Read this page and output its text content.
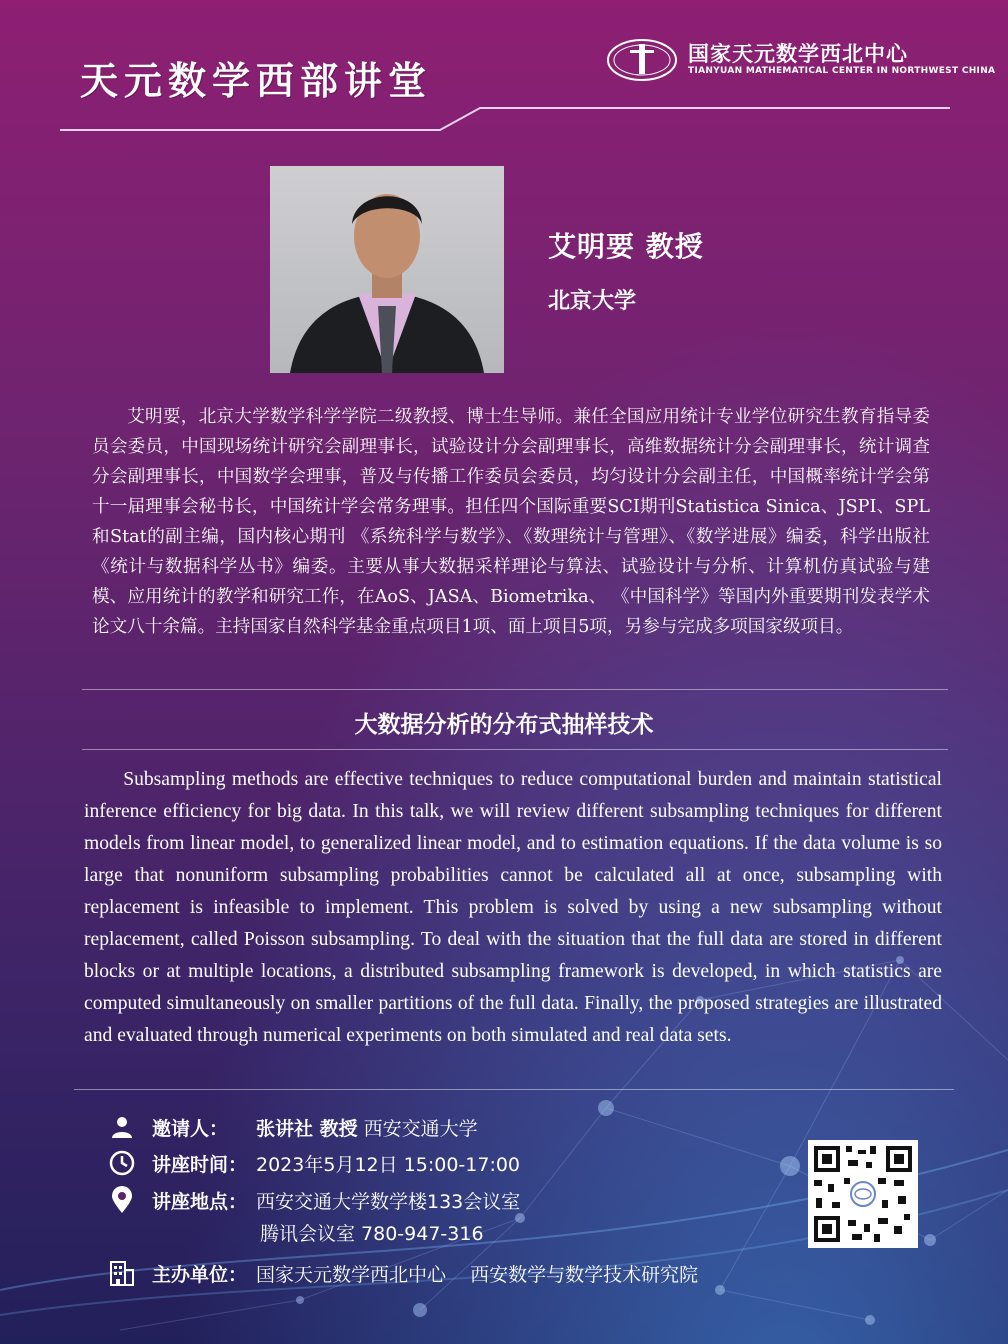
天元数学西部讲堂
国家天元数学西北中心
TIANYUAN MATHEMATICAL CENTER IN NORTHWEST CHINA
艾明要 教授
北京大学

艾明要，北京大学数学科学学院二级教授、博士生导师。兼任全国应用统计专业学位研究生教育指导委员会委员，中国现场统计研究会副理事长，试验设计分会副理事长，高维数据统计分会副理事长，统计调查分会副理事长，中国数学会理事，普及与传播工作委员会委员，均匀设计分会副主任，中国概率统计学会第十一届理事会秘书长，中国统计学会常务理事。担任四个国际重要SCI期刊Statistica Sinica、JSPI、SPL和Stat的副主编，国内核心期刊 《系统科学与数学》、《数理统计与管理》、《数学进展》编委，科学出版社《统计与数据科学丛书》编委。主要从事大数据采样理论与算法、试验设计与分析、计算机仿真试验与建模、应用统计的教学和研究工作，在AoS、JASA、Biometrika、 《中国科学》等国内外重要期刊发表学术论文八十余篇。主持国家自然科学基金重点项目1项、面上项目5项，另参与完成多项国家级项目。

大数据分析的分布式抽样技术

Subsampling methods are effective techniques to reduce computational burden and maintain statistical inference efficiency for big data. In this talk, we will review different subsampling techniques for different models from linear model, to generalized linear model, and to estimation equations. If the data volume is so large that nonuniform subsampling probabilities cannot be calculated all at once, subsampling with replacement is infeasible to implement. This problem is solved by using a new subsampling without replacement, called Poisson subsampling. To deal with the situation that the full data are stored in different blocks or at multiple locations, a distributed subsampling framework is developed, in which statistics are computed simultaneously on smaller partitions of the full data. Finally, the proposed strategies are illustrated and evaluated through numerical experiments on both simulated and real data sets.

邀请人：	张讲社 教授 西安交通大学
讲座时间： 2023年5月12日 15:00-17:00
讲座地点： 西安交通大学数学楼133会议室
腾讯会议室 780-947-316
主办单位： 国家天元数学西北中心    西安数学与数学技术研究院
